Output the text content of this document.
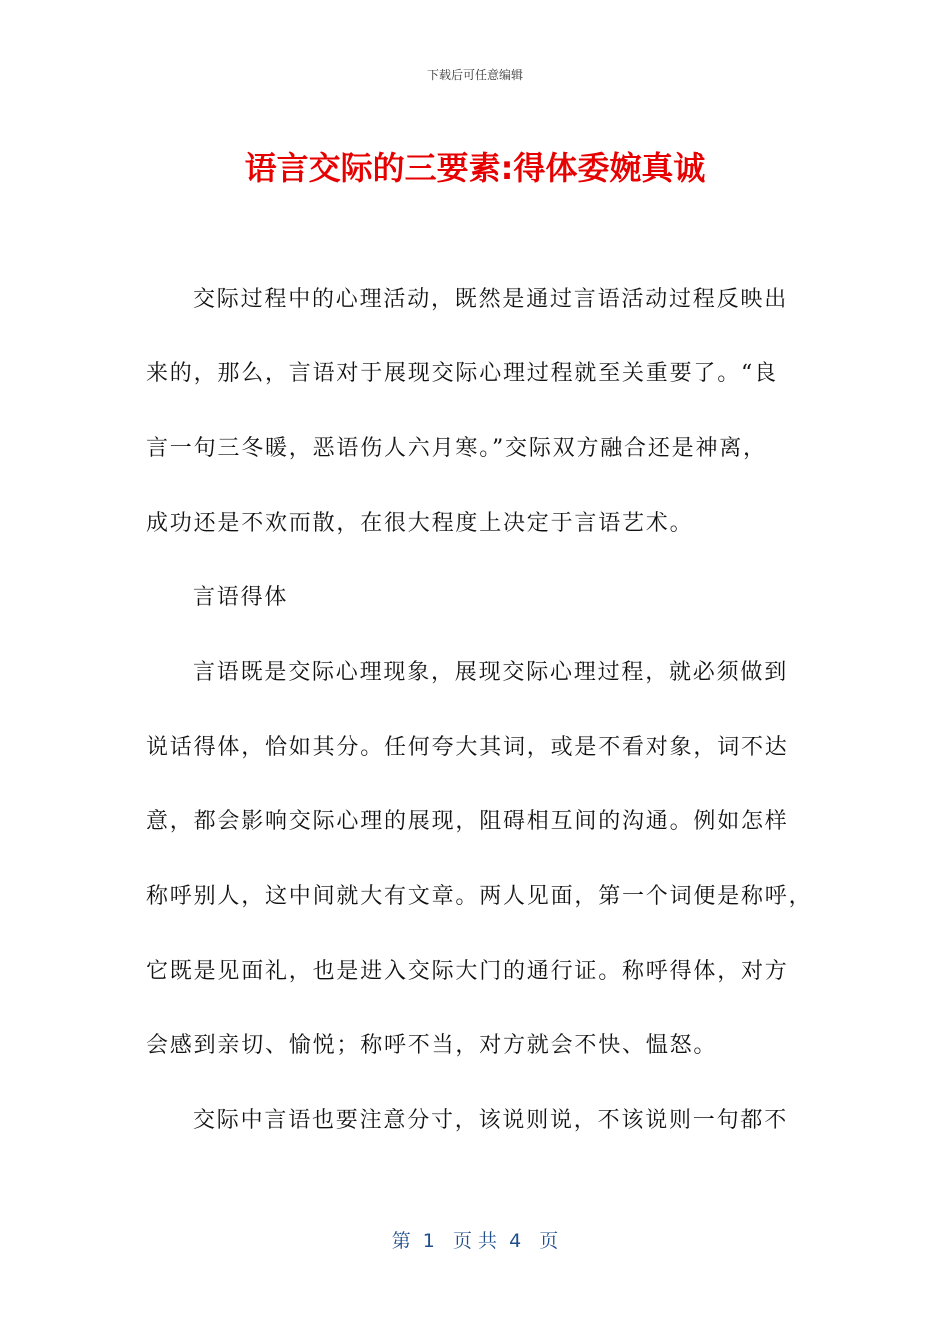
下载后可任意编辑
语言交际的三要素:得体委婉真诚
交际过程中的心理活动，既然是通过言语活动过程反映出
来的，那么，言语对于展现交际心理过程就至关重要了。“良
言一句三冬暖，恶语伤人六月寒。”交际双方融合还是神离，
成功还是不欢而散，在很大程度上决定于言语艺术。
言语得体
言语既是交际心理现象，展现交际心理过程，就必须做到
说话得体，恰如其分。任何夸大其词，或是不看对象，词不达
意，都会影响交际心理的展现，阻碍相互间的沟通。例如怎样
称呼别人，这中间就大有文章。两人见面，第一个词便是称呼，
它既是见面礼，也是进入交际大门的通行证。称呼得体，对方
会感到亲切、愉悦；称呼不当，对方就会不快、愠怒。
交际中言语也要注意分寸，该说则说，不该说则一句都不
第  1   页 共  4   页
